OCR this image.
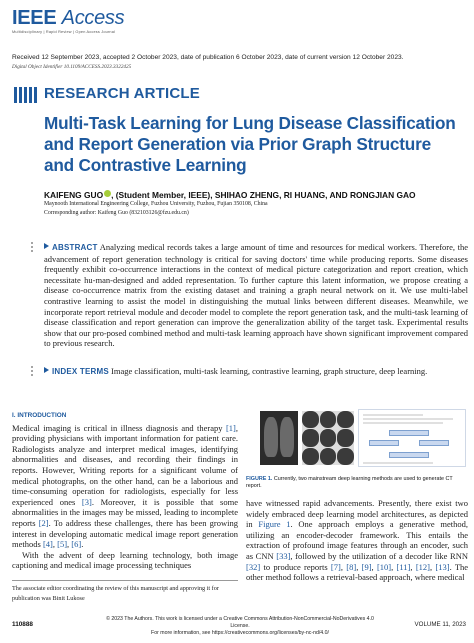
IEEE Access
Multidisciplinary | Rapid Review | Open Access Journal
Received 12 September 2023, accepted 2 October 2023, date of publication 6 October 2023, date of current version 12 October 2023.
Digital Object Identifier 10.1109/ACCESS.2023.3322425
RESEARCH ARTICLE
Multi-Task Learning for Lung Disease Classification and Report Generation via Prior Graph Structure and Contrastive Learning
KAIFENG GUO , (Student Member, IEEE), SHIHAO ZHENG, RI HUANG, AND RONGJIAN GAO
Maynooth International Engineering College, Fuzhou University, Fuzhou, Fujian 350108, China
Corresponding author: Kaifeng Guo (832103126@fzu.edu.cn)
ABSTRACT Analyzing medical records takes a large amount of time and resources for medical workers. Therefore, the advancement of report generation technology is critical for saving doctors' time while producing reports. Some diseases frequently exhibit co-occurrence interactions in the context of medical picture categorization and report creation, which necessitate hu-man-designed and added representation. To further capture this latent information, we propose creating a disease co-occurrence matrix from the existing dataset and training a graph neural network on it. We use multi-label contrastive learning to assist the model in distinguishing the mutual links between different diseases. Meanwhile, we incorporate report retrieval module and decoder model to complete the report generation task, and the multi-task learning of disease classification and report generation can improve the generalization ability of the target task. Experimental results show that our pro-posed combined method and multi-task learning approach have shown significant improvement compared to previous research.
INDEX TERMS Image classification, multi-task learning, contrastive learning, graph structure, deep learning.
I. INTRODUCTION

Medical imaging is critical in illness diagnosis and therapy [1], providing physicians with important information for patient care. Radiologists analyze and interpret medical images, identifying abnormalities and diseases, and recording their findings in reports. However, Writing reports for a significant volume of medical photographs, on the other hand, can be a laborious and time-consuming operation for radiologists, especially for less experienced ones [3]. Moreover, it is possible that some abnormalities in the images may be missed, leading to incomplete reports [2]. To address these challenges, there has been growing interest in developing automatic medical image report generation methods [4], [5], [6].

With the advent of deep learning technology, both image captioning and medical image processing techniques

FIGURE 1. Currently, two mainstream deep learning methods are used to generate CT report.
have witnessed rapid advancements. Presently, there exist two widely embraced deep learning model architectures, as depicted in Figure 1. One approach employs a generative method, utilizing an encoder-decoder framework. This entails the extraction of profound image features through an encoder, such as CNN [33], followed by the utilization of a decoder like RNN [32] to produce reports [7], [8], [9], [10], [11], [12], [13]. The other method follows a retrieval-based approach, where medical
The associate editor coordinating the review of this manuscript and approving it for publication was Binit Lukose
110888
© 2023 The Authors. This work is licensed under a Creative Commons Attribution-NonCommercial-NoDerivatives 4.0 License.
For more information, see https://creativecommons.org/licenses/by-nc-nd/4.0/
VOLUME 11, 2023
